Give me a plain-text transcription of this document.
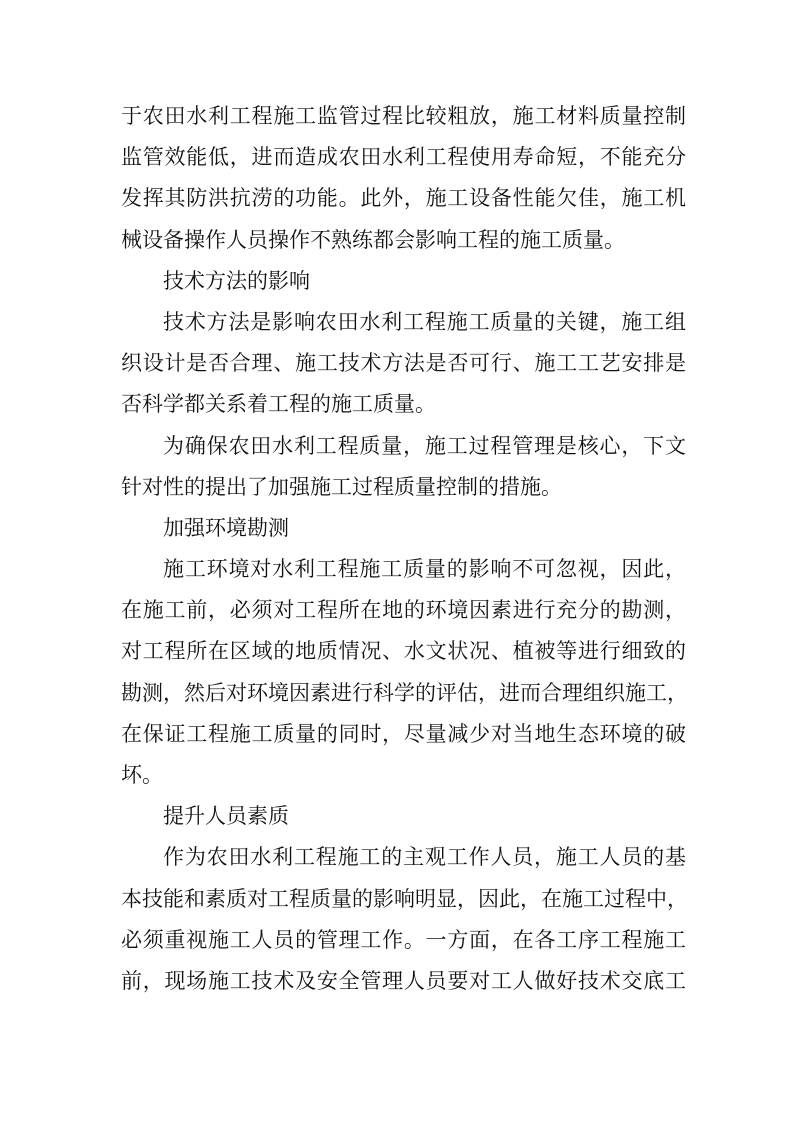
于农田水利工程施工监管过程比较粗放，施工材料质量控制
监管效能低，进而造成农田水利工程使用寿命短，不能充分
发挥其防洪抗涝的功能。此外，施工设备性能欠佳，施工机
械设备操作人员操作不熟练都会影响工程的施工质量。
技术方法的影响
技术方法是影响农田水利工程施工质量的关键，施工组
织设计是否合理、施工技术方法是否可行、施工工艺安排是
否科学都关系着工程的施工质量。
为确保农田水利工程质量，施工过程管理是核心，下文
针对性的提出了加强施工过程质量控制的措施。
加强环境勘测
施工环境对水利工程施工质量的影响不可忽视，因此，
在施工前，必须对工程所在地的环境因素进行充分的勘测，
对工程所在区域的地质情况、水文状况、植被等进行细致的
勘测，然后对环境因素进行科学的评估，进而合理组织施工，
在保证工程施工质量的同时，尽量减少对当地生态环境的破
坏。
提升人员素质
作为农田水利工程施工的主观工作人员，施工人员的基
本技能和素质对工程质量的影响明显，因此，在施工过程中，
必须重视施工人员的管理工作。一方面，在各工序工程施工
前，现场施工技术及安全管理人员要对工人做好技术交底工
